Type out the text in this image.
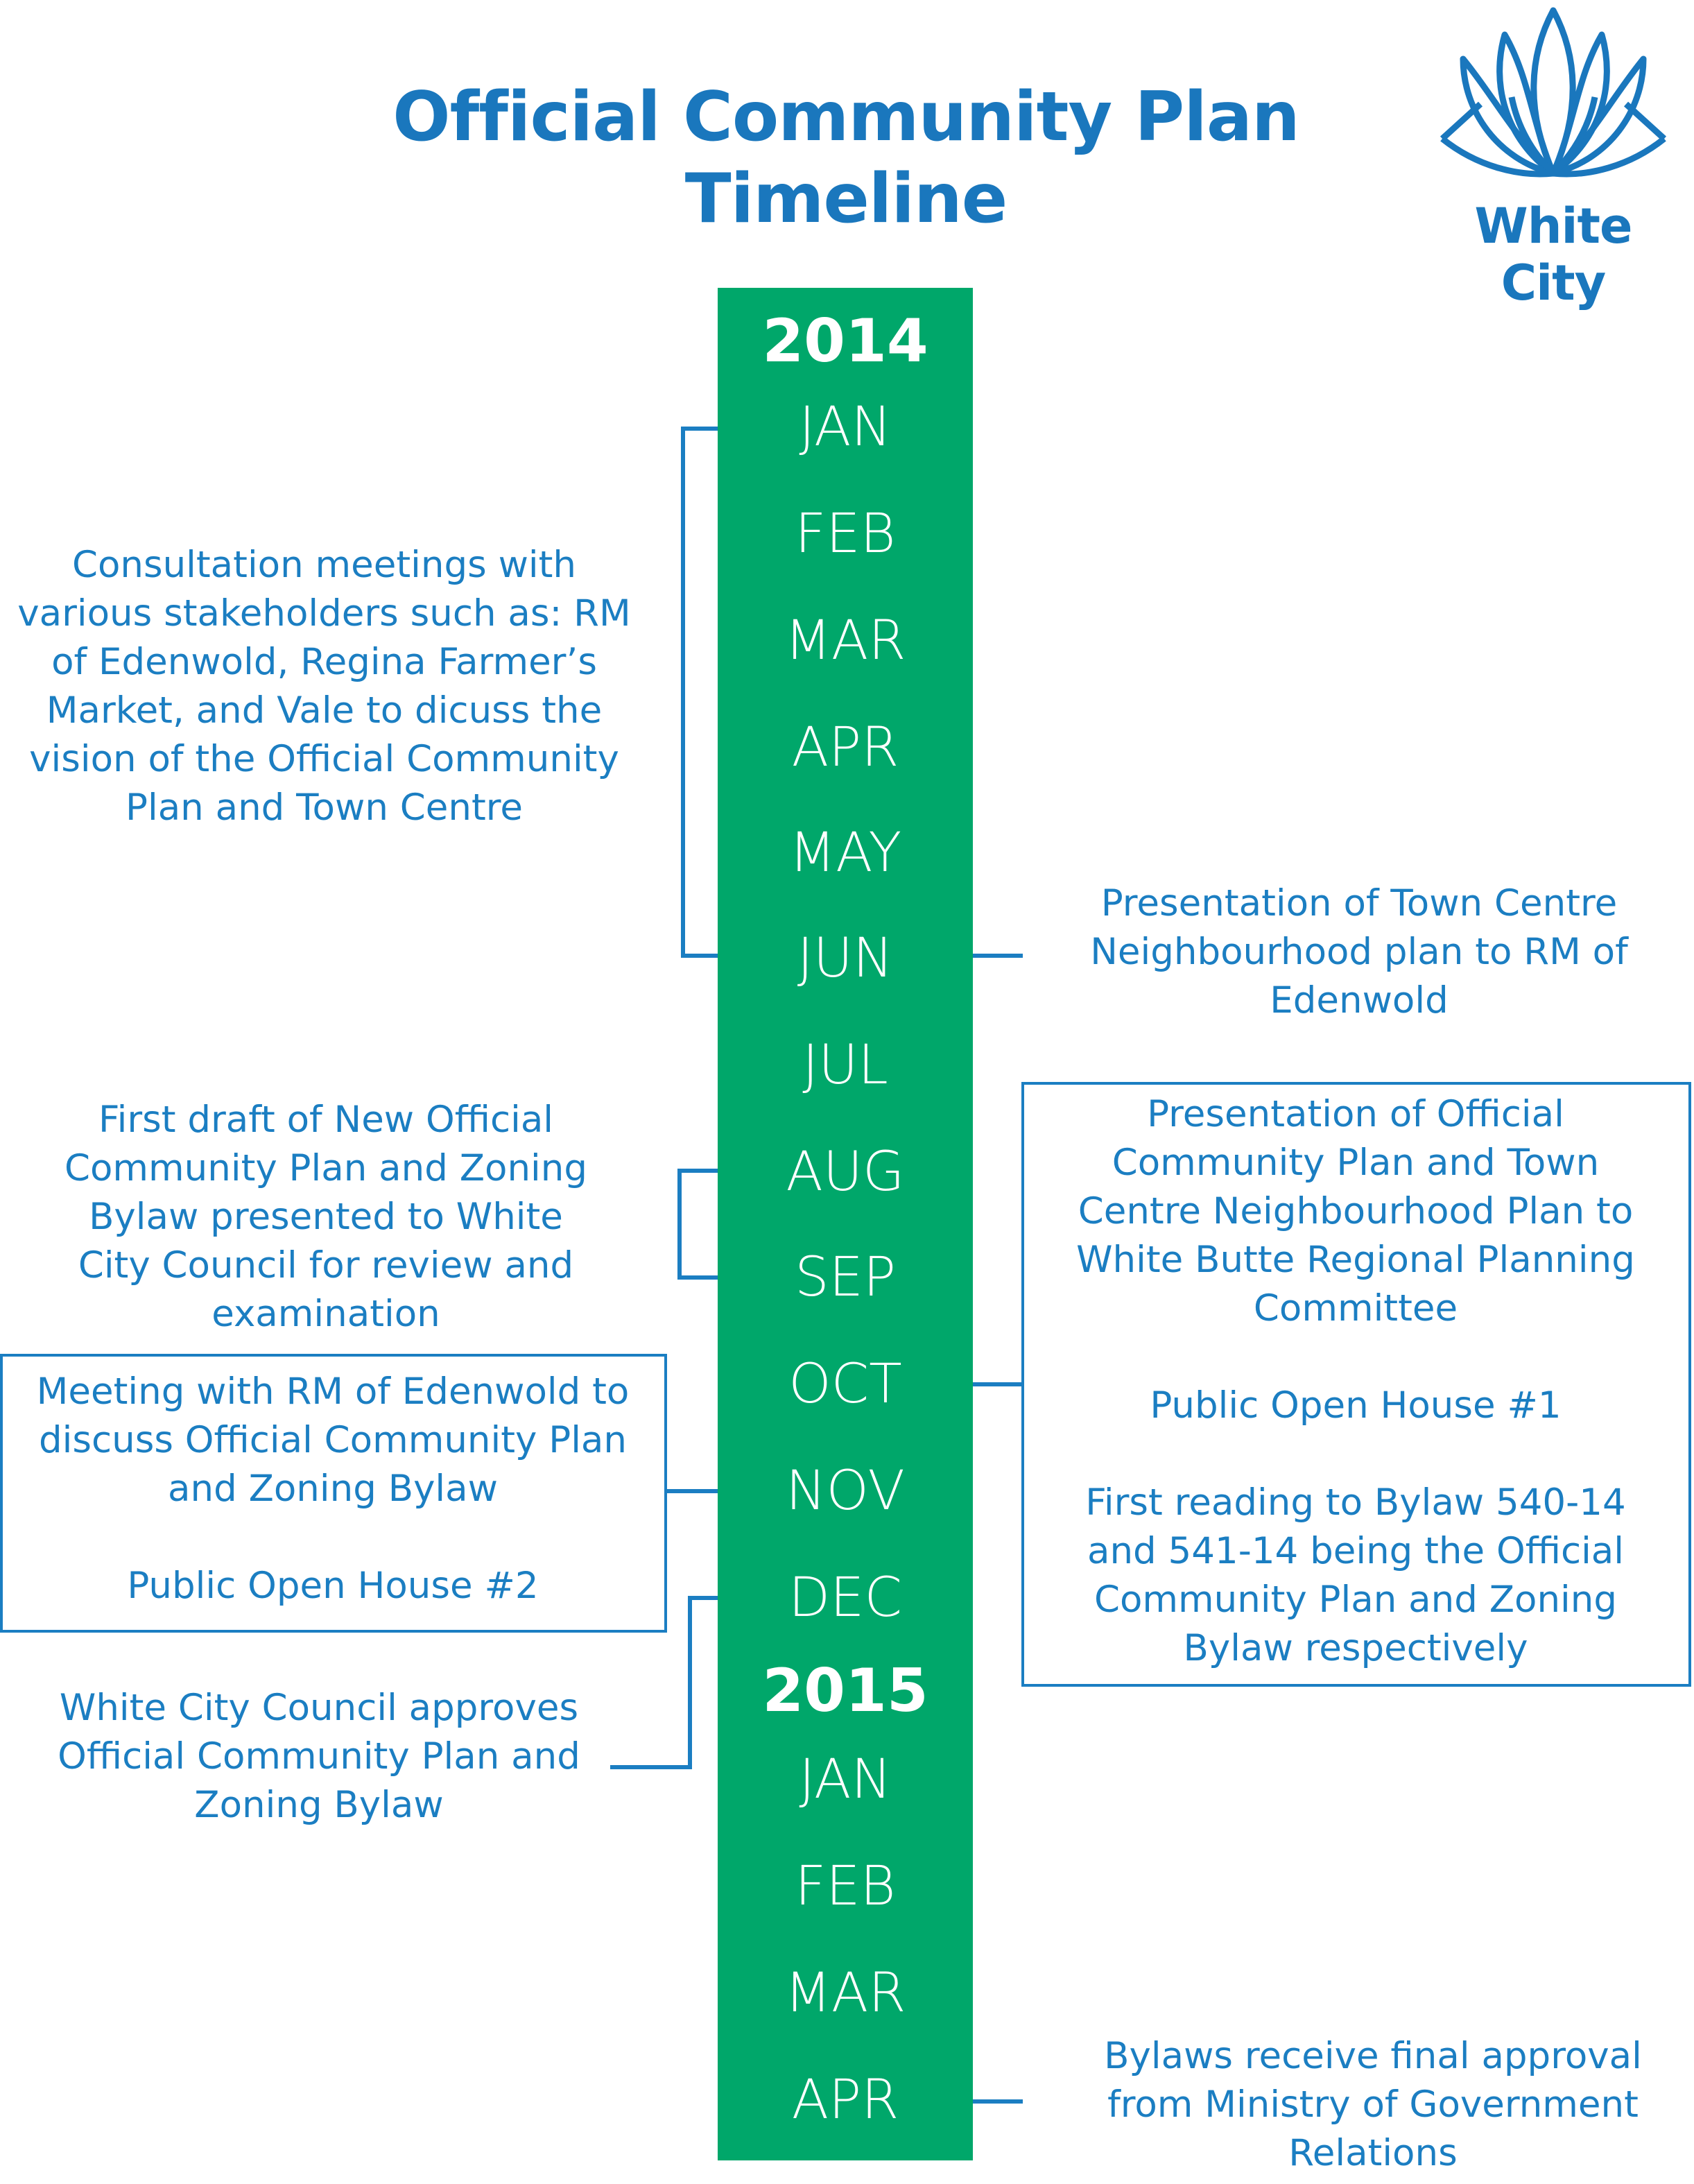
Official Community Plan
Timeline	White City
2014
JAN
FEB
MAR
APR
MAY
JUN
JUL
AUG
SEP
OCT
NOV
DEC
2015
JAN
FEB
MAR
APR
Consultation meetings with various stakeholders such as: RM of Edenwold, Regina Farmer’s Market, and Vale to dicuss the vision of the Official Community Plan and Town Centre
Presentation of Town Centre Neighbourhood plan to RM of Edenwold
First draft of New Official Community Plan and Zoning Bylaw presented to White City Council for review and examination
Presentation of Official Community Plan and Town Centre Neighbourhood Plan to White Butte Regional Planning Committee
Public Open House #1
First reading to Bylaw 540-14 and 541-14 being the Official Community Plan and Zoning Bylaw respectively
Meeting with RM of Edenwold to discuss Official Community Plan and Zoning Bylaw
Public Open House #2
White City Council approves Official Community Plan and Zoning Bylaw
Bylaws receive final approval from Ministry of Government Relations
